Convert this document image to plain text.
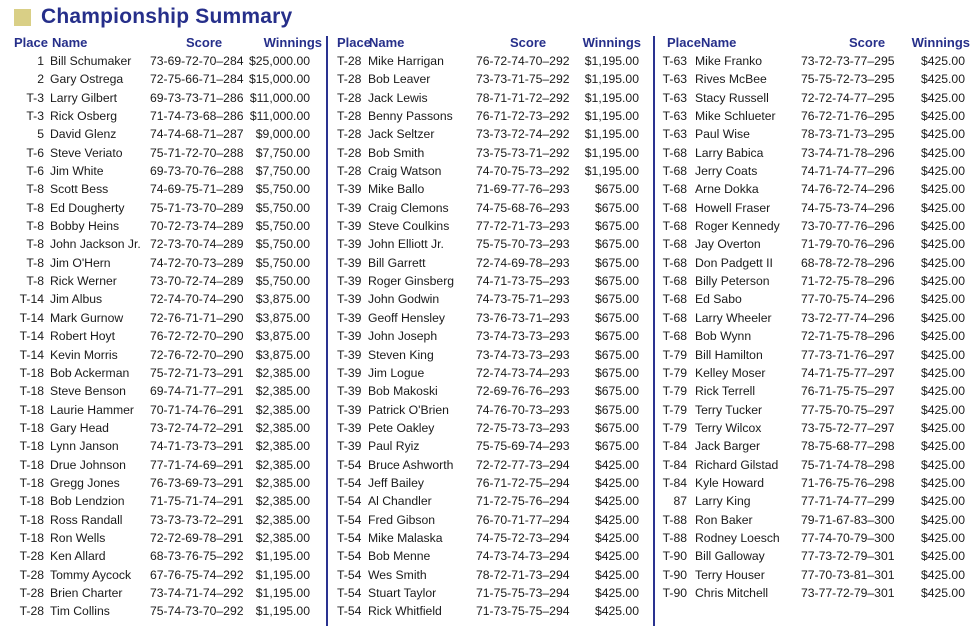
Championship Summary
Place Name	Score	Winnings
1 Bill Schumaker 73-69-72-70–284 $25,000.00
2 Gary Ostrega 72-75-66-71–284 $15,000.00
T-3 Larry Gilbert	69-73-73-71–286 $11,000.00
T-3 Rick Osberg	71-74-73-68–286 $11,000.00
5 David Glenz	74-74-68-71–287 $9,000.00
T-6 Steve Veriato 75-71-72-70–288 $7,750.00
T-6 Jim White	69-73-70-76–288 $7,750.00
T-8 Scott Bess	74-69-75-71–289 $5,750.00
T-8 Ed Dougherty 75-71-73-70–289 $5,750.00
T-8 Bobby Heins	70-72-73-74–289 $5,750.00
T-8 John Jackson Jr. 72-73-70-74–289 $5,750.00
T-8 Jim O'Hern	74-72-70-73–289 $5,750.00
T-8 Rick Werner	73-70-72-74–289 $5,750.00
T-14 Jim Albus	72-74-70-74–290 $3,875.00
T-14 Mark Gurnow 72-76-71-71–290 $3,875.00
T-14 Robert Hoyt	76-72-72-70–290 $3,875.00
T-14 Kevin Morris	72-76-72-70–290 $3,875.00
T-18 Bob Ackerman 75-72-71-73–291 $2,385.00
T-18 Steve Benson 69-74-71-77–291 $2,385.00
T-18 Laurie Hammer 70-71-74-76–291 $2,385.00
T-18 Gary Head	73-72-74-72–291 $2,385.00
T-18 Lynn Janson	74-71-73-73–291 $2,385.00
T-18 Drue Johnson 77-71-74-69–291 $2,385.00
T-18 Gregg Jones 76-73-69-73–291 $2,385.00
T-18 Bob Lendzion 71-75-71-74–291 $2,385.00
T-18 Ross Randall 73-73-73-72–291 $2,385.00
T-18 Ron Wells	72-72-69-78–291 $2,385.00
T-28 Ken Allard	68-73-76-75–292 $1,195.00
T-28 Tommy Aycock 67-76-75-74–292 $1,195.00
T-28 Brien Charter 73-74-71-74–292 $1,195.00
T-28 Tim Collins	75-74-73-70–292 $1,195.00
Place
Name	Score	Winnings
T-28 Mike Harrigan	76-72-74-70–292 $1,195.00
T-28 Bob Leaver	73-73-71-75–292 $1,195.00
T-28 Jack Lewis	78-71-71-72–292 $1,195.00
T-28 Benny Passons 76-71-72-73–292 $1,195.00
T-28 Jack Seltzer	73-73-72-74–292 $1,195.00
T-28 Bob Smith	73-75-73-71–292 $1,195.00
T-28 Craig Watson	74-70-75-73–292 $1,195.00
T-39 Mike Ballo	71-69-77-76–293 $675.00
T-39 Craig Clemons 74-75-68-76–293 $675.00
T-39 Steve Coulkins 77-72-71-73–293 $675.00
T-39 John Elliott Jr.	75-75-70-73–293 $675.00
T-39 Bill Garrett	72-74-69-78–293 $675.00
T-39 Roger Ginsberg 74-71-73-75–293 $675.00
T-39 John Godwin	74-73-75-71–293 $675.00
T-39 Geoff Hensley	73-76-73-71–293 $675.00
T-39 John Joseph	73-74-73-73–293 $675.00
T-39 Steven King	73-74-73-73–293 $675.00
T-39 Jim Logue	72-74-73-74–293 $675.00
T-39 Bob Makoski	72-69-76-76–293 $675.00
T-39 Patrick O'Brien 74-76-70-73–293 $675.00
T-39 Pete Oakley	72-75-73-73–293 $675.00
T-39 Paul Ryiz	75-75-69-74–293 $675.00
T-54 Bruce Ashworth 72-72-77-73–294 $425.00
T-54 Jeff Bailey	76-71-72-75–294 $425.00
T-54 Al Chandler	71-72-75-76–294 $425.00
T-54 Fred Gibson	76-70-71-77–294 $425.00
T-54 Mike Malaska	74-75-72-73–294 $425.00
T-54 Bob Menne	74-73-74-73–294 $425.00
T-54 Wes Smith	78-72-71-73–294 $425.00
T-54 Stuart Taylor	71-75-75-73–294 $425.00
T-54 Rick Whitfield	71-73-75-75–294 $425.00
Place Name	Score Winnings
T-63 Mike Franko	73-72-73-77–295 $425.00
T-63 Rives McBee	75-75-72-73–295 $425.00
T-63 Stacy Russell	72-72-74-77–295 $425.00
T-63 Mike Schlueter 76-72-71-76–295 $425.00
T-63 Paul Wise	78-73-71-73–295 $425.00
T-68 Larry Babica	73-74-71-78–296 $425.00
T-68 Jerry Coats	74-71-74-77–296 $425.00
T-68 Arne Dokka	74-76-72-74–296 $425.00
T-68 Howell Fraser	74-75-73-74–296 $425.00
T-68 Roger Kennedy 73-70-77-76–296 $425.00
T-68 Jay Overton	71-79-70-76–296 $425.00
T-68 Don Padgett II 68-78-72-78–296 $425.00
T-68 Billy Peterson	71-72-75-78–296 $425.00
T-68 Ed Sabo	77-70-75-74–296 $425.00
T-68 Larry Wheeler 73-72-77-74–296 $425.00
T-68 Bob Wynn	72-71-75-78–296 $425.00
T-79 Bill Hamilton	77-73-71-76–297 $425.00
T-79 Kelley Moser	74-71-75-77–297 $425.00
T-79 Rick Terrell	76-71-75-75–297 $425.00
T-79 Terry Tucker	77-75-70-75–297 $425.00
T-79 Terry Wilcox	73-75-72-77–297 $425.00
T-84 Jack Barger	78-75-68-77–298 $425.00
T-84 Richard Gilstad 75-71-74-78–298 $425.00
T-84 Kyle Howard	71-76-75-76–298 $425.00
87 Larry King	77-71-74-77–299 $425.00
T-88 Ron Baker	79-71-67-83–300 $425.00
T-88 Rodney Loesch 77-74-70-79–300 $425.00
T-90 Bill Galloway	77-73-72-79–301 $425.00
T-90 Terry Houser	77-70-73-81–301 $425.00
T-90 Chris Mitchell	73-77-72-79–301 $425.00
